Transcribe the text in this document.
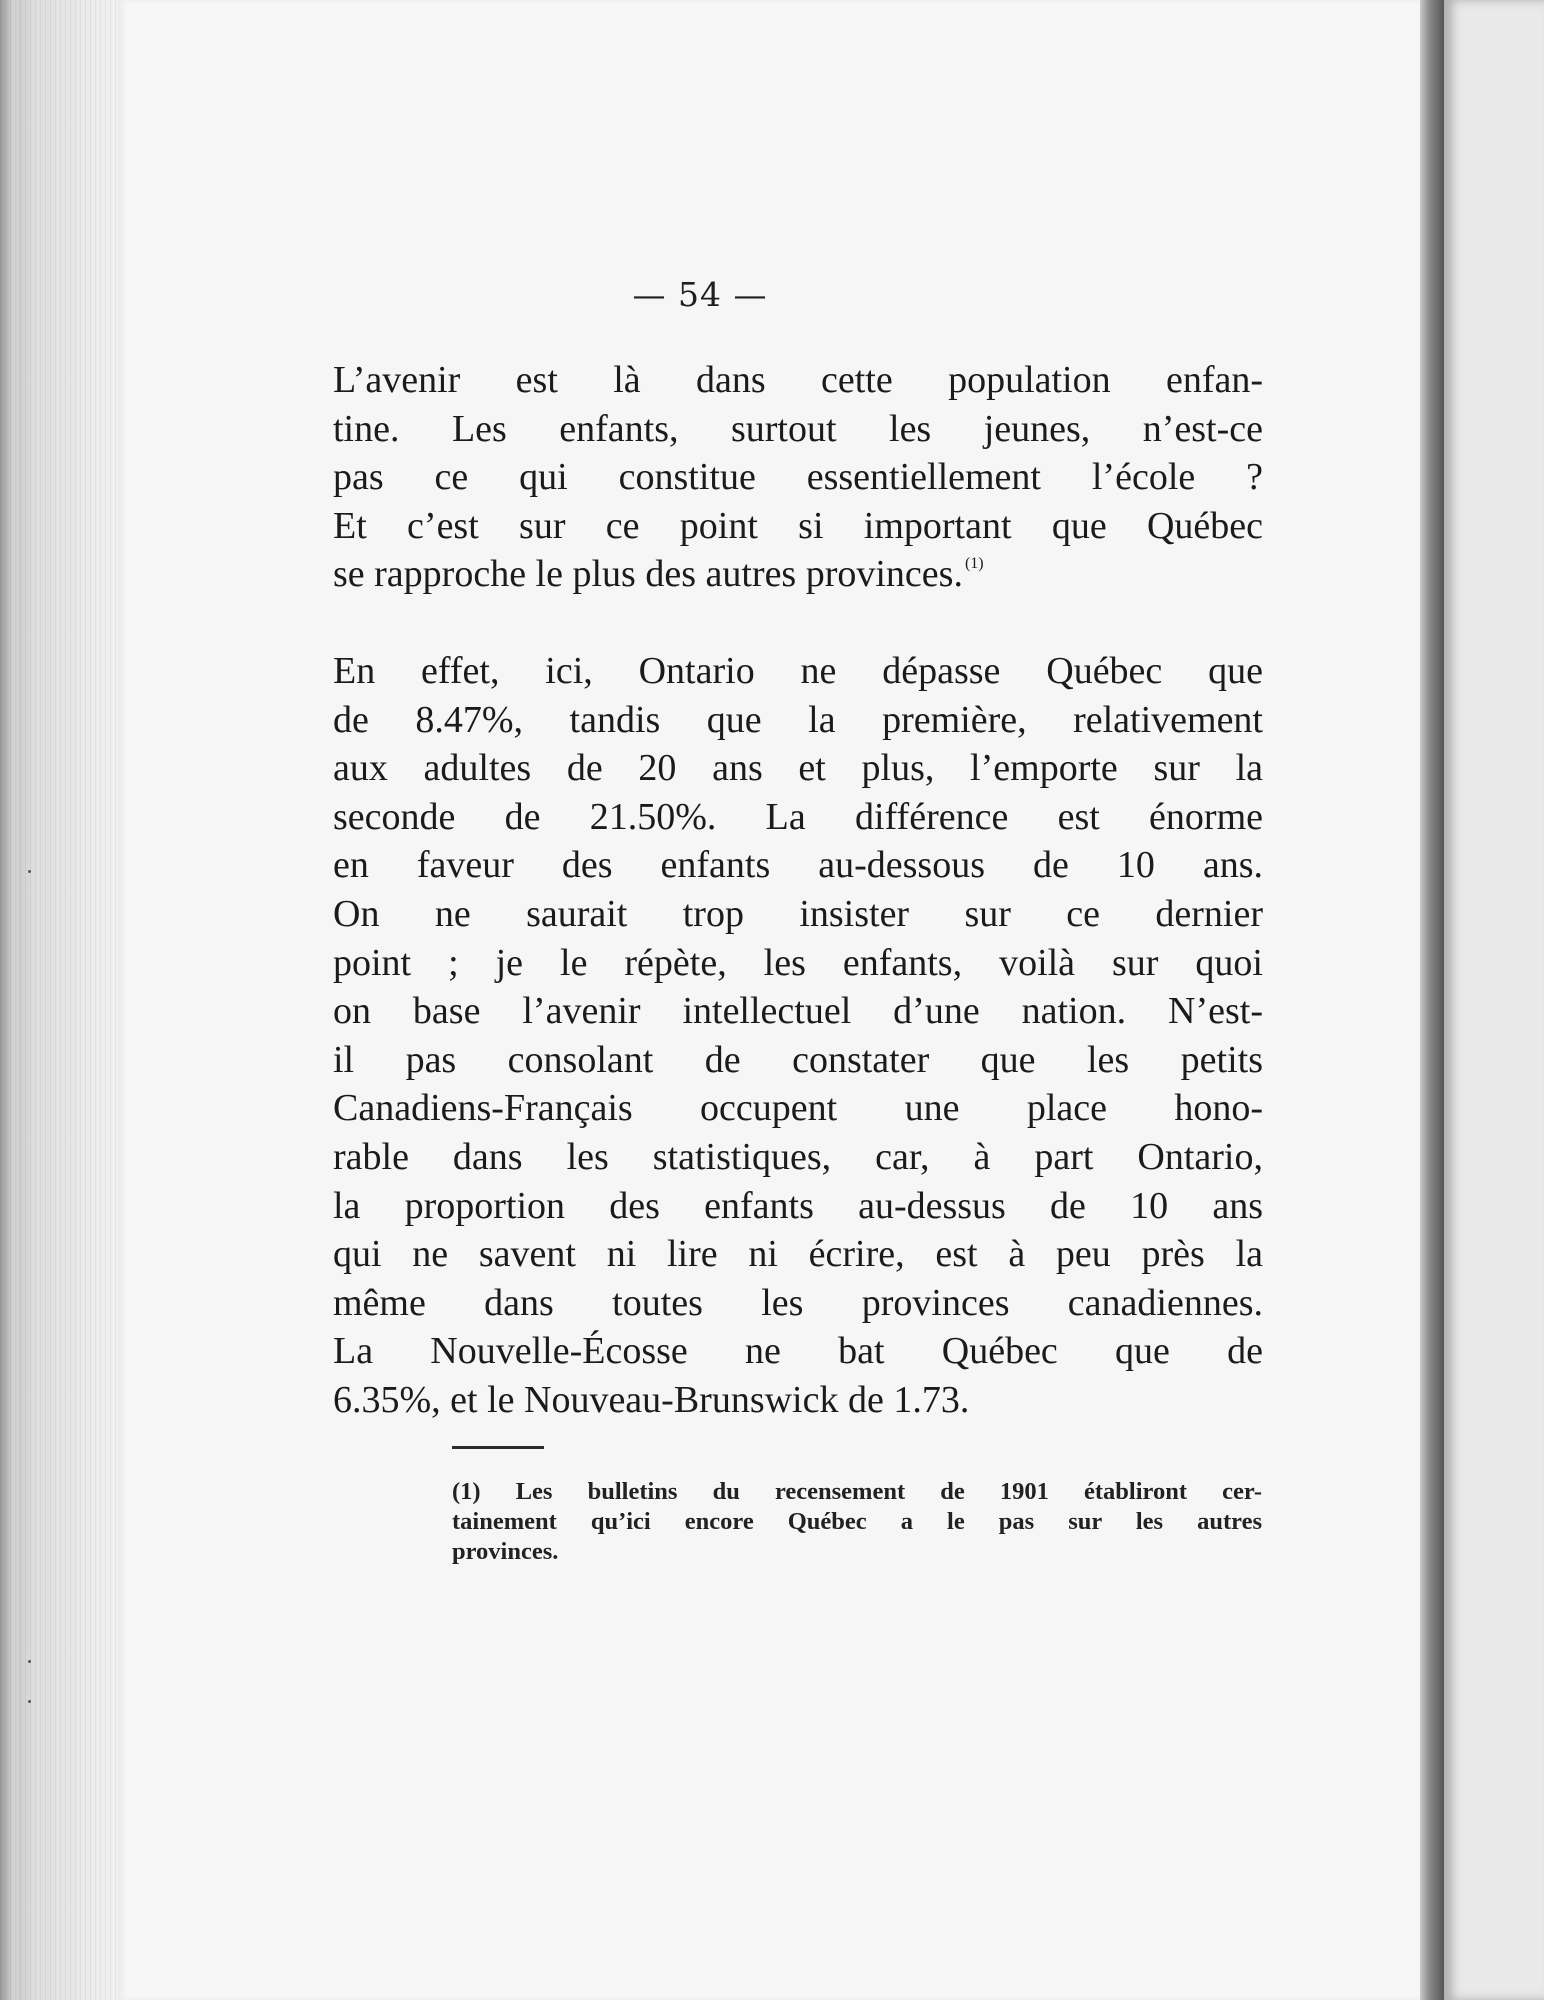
— 54 —
L’avenir est là dans cette population enfan-
tine. Les enfants, surtout les jeunes, n’est-ce
pas ce qui constitue essentiellement l’école ?
Et c’est sur ce point si important que Québec
se rapproche le plus des autres provinces. $^{(1)}$
En effet, ici, Ontario ne dépasse Québec que
de 8.47%, tandis que la première, relativement
aux adultes de 20 ans et plus, l’emporte sur la
seconde de 21.50%. La différence est énorme
en faveur des enfants au-dessous de 10 ans.
On ne saurait trop insister sur ce dernier
point ; je le répète, les enfants, voilà sur quoi
on base l’avenir intellectuel d’une nation. N’est-
il pas consolant de constater que les petits
Canadiens-Français occupent une place hono-
rable dans les statistiques, car, à part Ontario,
la proportion des enfants au-dessus de 10 ans
qui ne savent ni lire ni écrire, est à peu près la
même dans toutes les provinces canadiennes.
La Nouvelle-Écosse ne bat Québec que de
6.35%, et le Nouveau-Brunswick de 1.73.
(1) Les bulletins du recensement de 1901 établiront cer-
tainement qu’ici encore Québec a le pas sur les autres
provinces.
